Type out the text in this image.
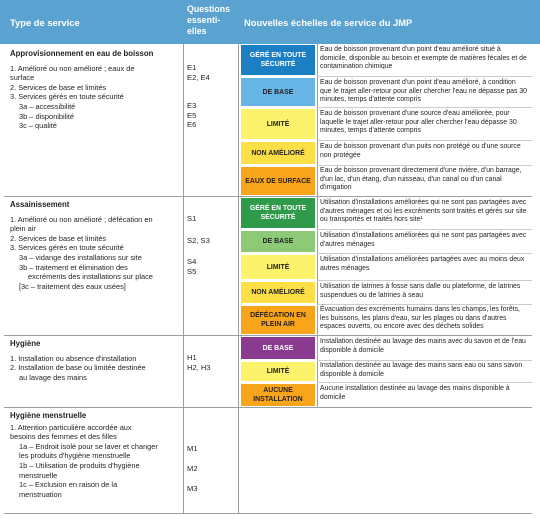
Type de service
Questions
essenti-
elles
Nouvelles échelles de service du JMP
Approvisionnement en eau de boisson
1. Amélioré ou non amélioré ; eaux de
surface
2. Services de base et limités
3. Services gérés en toute sécurité
3a – accessibilité
3b – disponibilité
3c – qualité
E1
E2, E4
E3
E5
E6
GÉRÉ EN TOUTE SÉCURITÉ
Eau de boisson provenant d'un point d'eau amélioré situé à domicile, disponible au besoin et exempte de matières fécales et de contamination chimique
DE BASE
Eau de boisson provenant d'un point d'eau amélioré, à condition que le trajet aller-retour pour aller chercher l'eau ne dépasse pas 30 minutes, temps d'attente compris
LIMITÉ
Eau de boisson provenant d'une source d'eau améliorée, pour laquelle le trajet aller-retour pour aller chercher l'eau dépasse 30 minutes, temps d'attente compris
NON AMÉLIORÉ
Eau de boisson provenant d'un puits non protégé ou d'une source non protégée
EAUX DE SURFACE
Eau de boisson provenant directement d'une rivière, d'un barrage, d'un lac, d'un étang, d'un ruisseau, d'un canal ou d'un canal d'irrigation
Assainissement
1. Amélioré ou non amélioré ; défécation en
plein air
2. Services de base et limités
3. Services gérés en toute sécurité
3a – vidange des installations sur site
3b – traitement et élimination des
excréments des installations sur place
[3c – traitement des eaux usées]
S1
S2, S3
S4
S5
GÉRÉ EN TOUTE SÉCURITÉ
Utilisation d'installations améliorées qui ne sont pas partagées avec d'autres ménages et où les excréments sont traités et gérés sur site ou transportés et traités hors site¹
DE BASE
Utilisation d'installations améliorées qui ne sont pas partagées avec d'autres ménages
LIMITÉ
Utilisation d'installations améliorées partagées avec au moins deux autres ménages
NON AMÉLIORÉ
Utilisation de latrines à fosse sans dalle ou plateforme, de latrines suspendues ou de latrines à seau
DÉFÉCATION EN PLEIN AIR
Évacuation des excréments humains dans les champs, les forêts, les buissons, les plans d'eau, sur les plages ou dans d'autres espaces ouverts, ou encore avec des déchets solides
Hygiène
1. Installation ou absence d'installation
2. Installation de base ou limitée destinée
au lavage des mains
H1
H2, H3
DE BASE
Installation destinée au lavage des mains avec du savon et de l'eau disponible à domicile
LIMITÉ
Installation destinée au lavage des mains sans eau ou sans savon disponible à domicile
AUCUNE INSTALLATION
Aucune installation destinée au lavage des mains disponible à domicile
Hygiène menstruelle
1. Attention particulière accordée aux
besoins des femmes et des filles
1a – Endroit isolé pour se laver et changer
les produits d'hygiène menstruelle
1b – Utilisation de produits d'hygiène
menstruelle
1c – Exclusion en raison de la
menstruation
M1
M2
M3
